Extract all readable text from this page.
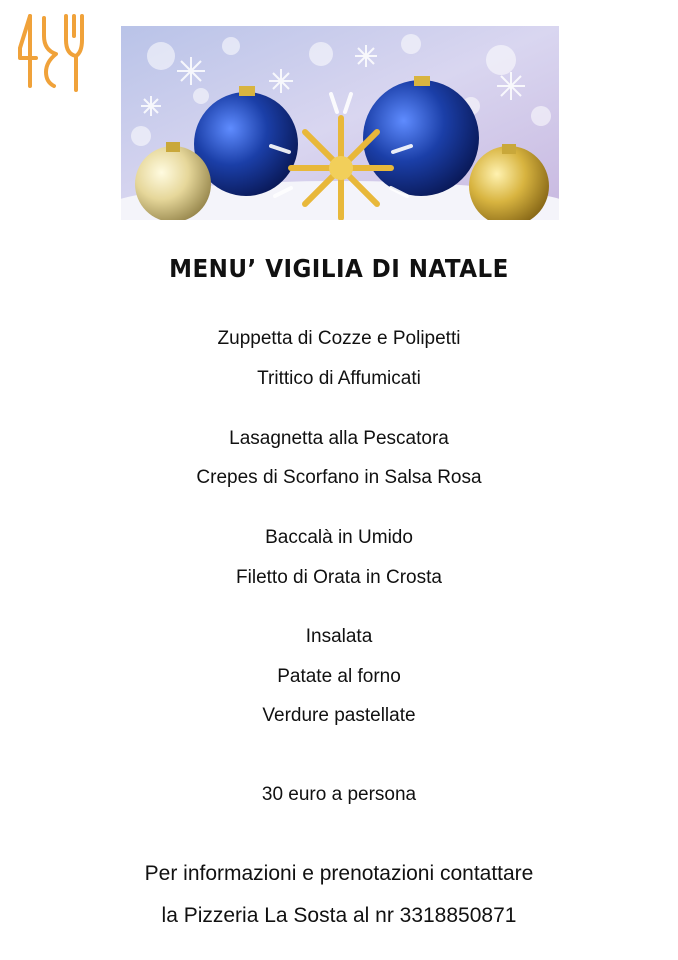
MENU’ VIGILIA DI NATALE
Zuppetta di Cozze e Polipetti
Trittico di Affumicati
Lasagnetta alla Pescatora
Crepes di Scorfano in Salsa Rosa
Baccalà in Umido
Filetto di Orata in Crosta
Insalata
Patate al forno
Verdure pastellate
30 euro a persona
Per informazioni e prenotazioni contattare
la Pizzeria La Sosta al nr 3318850871
